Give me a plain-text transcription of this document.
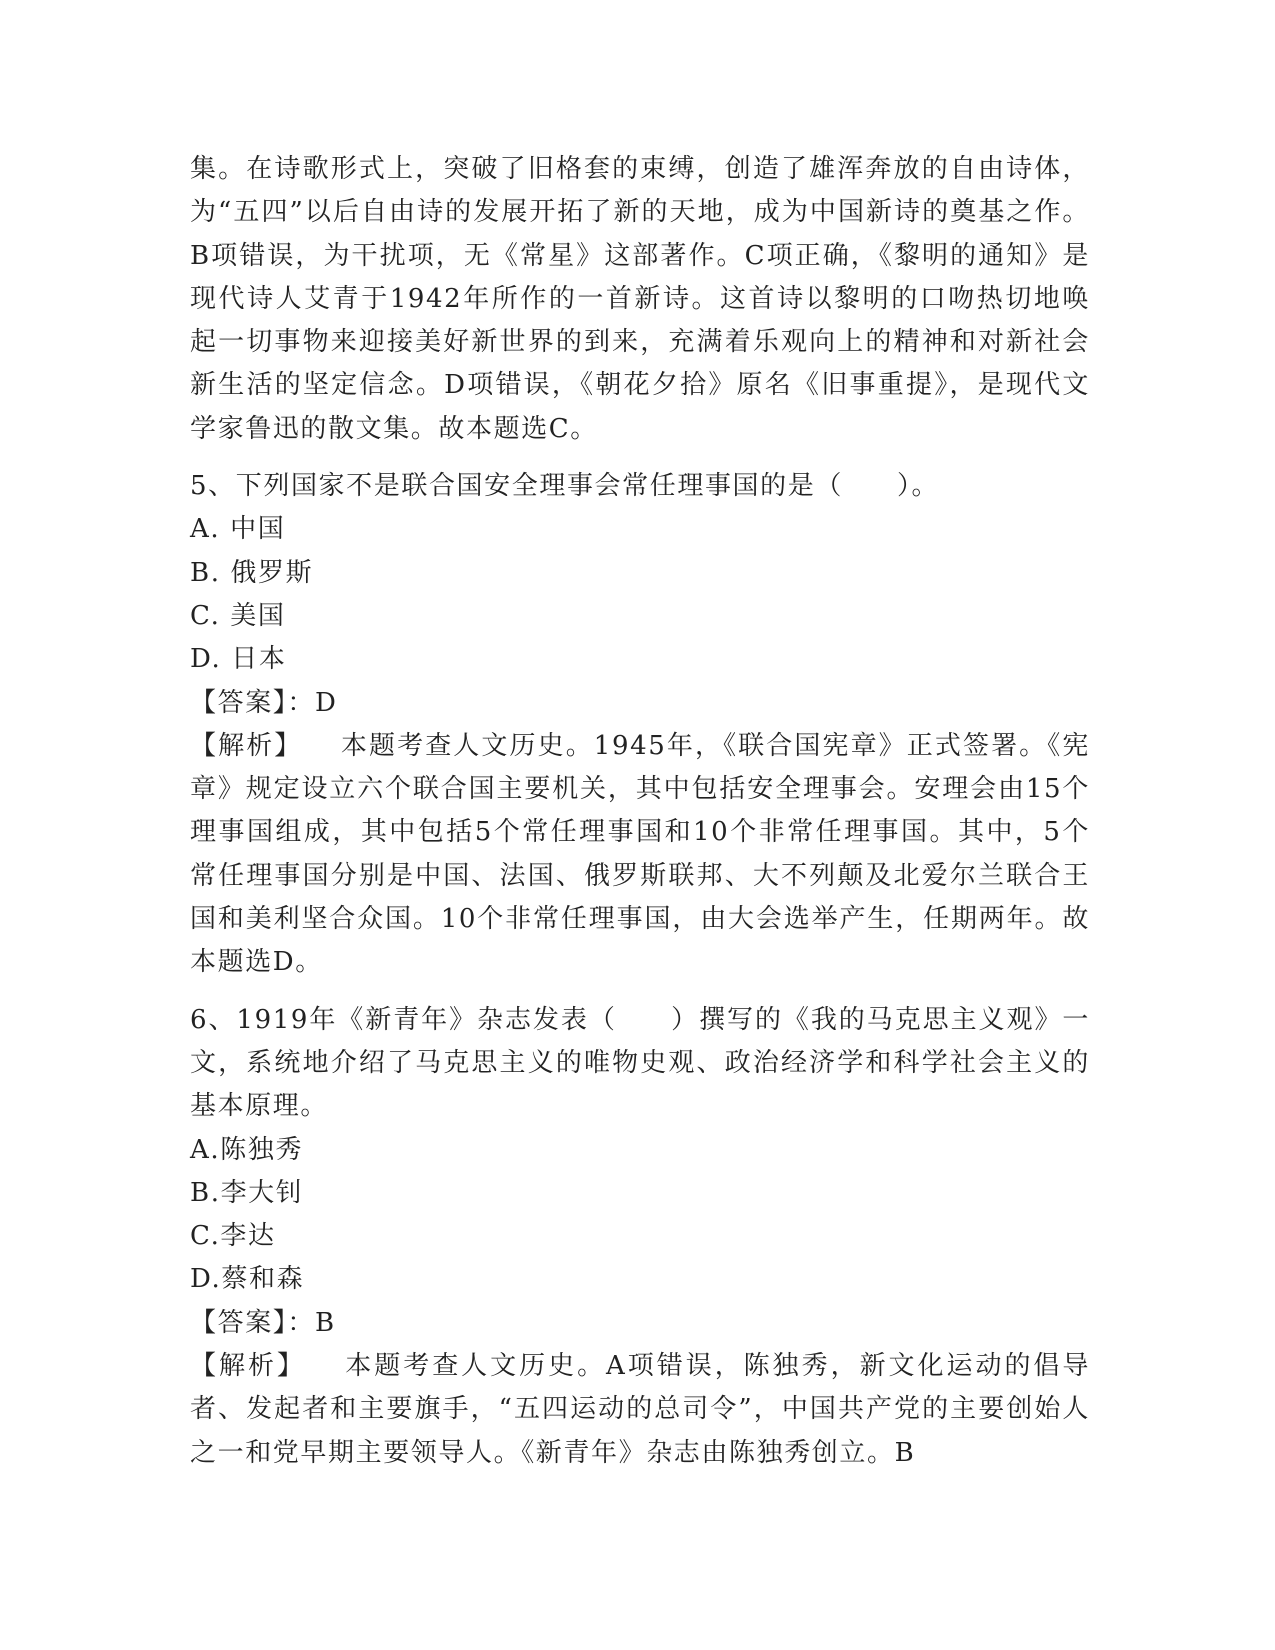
集。在诗歌形式上，突破了旧格套的束缚，创造了雄浑奔放的自由诗体，为“五四”以后自由诗的发展开拓了新的天地，成为中国新诗的奠基之作。B项错误，为干扰项，无《常星》这部著作。C项正确，《黎明的通知》是现代诗人艾青于1942年所作的一首新诗。这首诗以黎明的口吻热切地唤起一切事物来迎接美好新世界的到来，充满着乐观向上的精神和对新社会新生活的坚定信念。D项错误，《朝花夕拾》原名《旧事重提》，是现代文学家鲁迅的散文集。故本题选C。

5、下列国家不是联合国安全理事会常任理事国的是（ ）。

A. 中国

B. 俄罗斯

C. 美国

D. 日本

【答案】：D

【解析】 本题考查人文历史。1945年，《联合国宪章》正式签署。《宪章》规定设立六个联合国主要机关，其中包括安全理事会。安理会由15个理事国组成，其中包括5个常任理事国和10个非常任理事国。其中，5个常任理事国分别是中国、法国、俄罗斯联邦、大不列颠及北爱尔兰联合王国和美利坚合众国。10个非常任理事国，由大会选举产生，任期两年。故本题选D。

6、1919年《新青年》杂志发表（ ）撰写的《我的马克思主义观》一文，系统地介绍了马克思主义的唯物史观、政治经济学和科学社会主义的基本原理。

A.陈独秀

B.李大钊

C.李达

D.蔡和森

【答案】：B

【解析】 本题考查人文历史。A项错误，陈独秀，新文化运动的倡导者、发起者和主要旗手，“五四运动的总司令”，中国共产党的主要创始人之一和党早期主要领导人。《新青年》杂志由陈独秀创立。B
